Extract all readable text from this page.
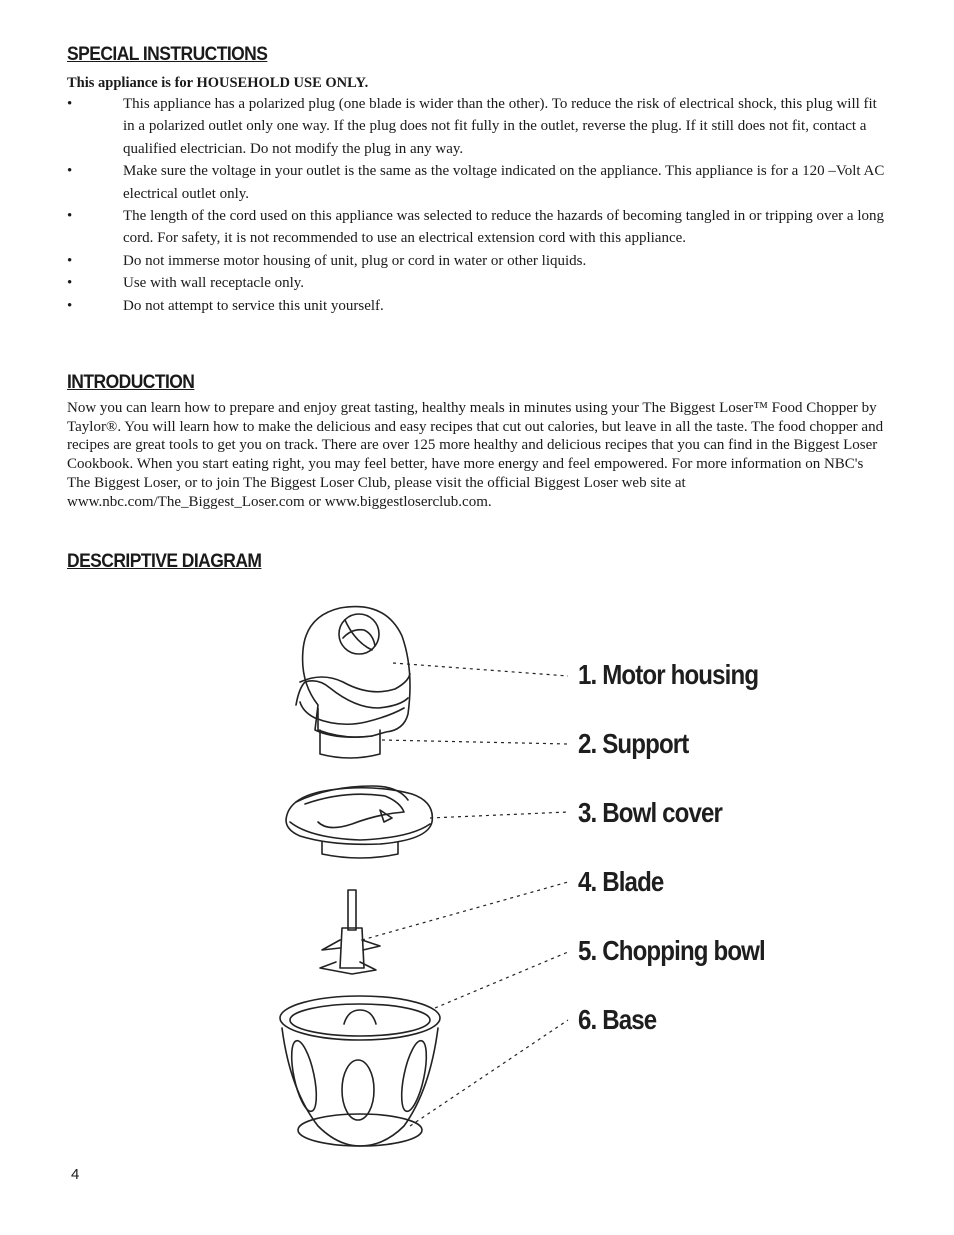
SPECIAL INSTRUCTIONS

This appliance is for HOUSEHOLD USE ONLY.

•	This appliance has a polarized plug (one blade is wider than the other). To reduce the risk of electrical shock, this plug will fit in a polarized outlet only one way. If the plug does not fit fully in the outlet, reverse the plug. If it still does not fit, contact a qualified electrician. Do not modify the plug in any way.
•	Make sure the voltage in your outlet is the same as the voltage indicated on the appliance. This appliance is for a 120 –Volt AC electrical outlet only.
•	The length of the cord used on this appliance was selected to reduce the hazards of becoming tangled in or tripping over a long cord. For safety, it is not recommended to use an electrical extension cord with this appliance.
•	Do not immerse motor housing of unit, plug or cord in water or other liquids.
•	Use with wall receptacle only.
•	Do not attempt to service this unit yourself.
INTRODUCTION

Now you can learn how to prepare and enjoy great tasting, healthy meals in minutes using your The Biggest Loser™ Food Chopper by Taylor®. You will learn how to make the delicious and easy recipes that cut out calories, but leave in all the taste. The food chopper and recipes are great tools to get you on track. There are over 125 more healthy and delicious recipes that you can find in the Biggest Loser Cookbook. When you start eating right, you may feel better, have more energy and feel empowered. For more information on NBC's The Biggest Loser, or to join The Biggest Loser Club, please visit the official Biggest Loser web site at www.nbc.com/The_Biggest_Loser.com or www.biggestloserclub.com.

DESCRIPTIVE DIAGRAM
1. Motor housing
2. Support
3. Bowl cover
4. Blade
5. Chopping bowl
6. Base

4
